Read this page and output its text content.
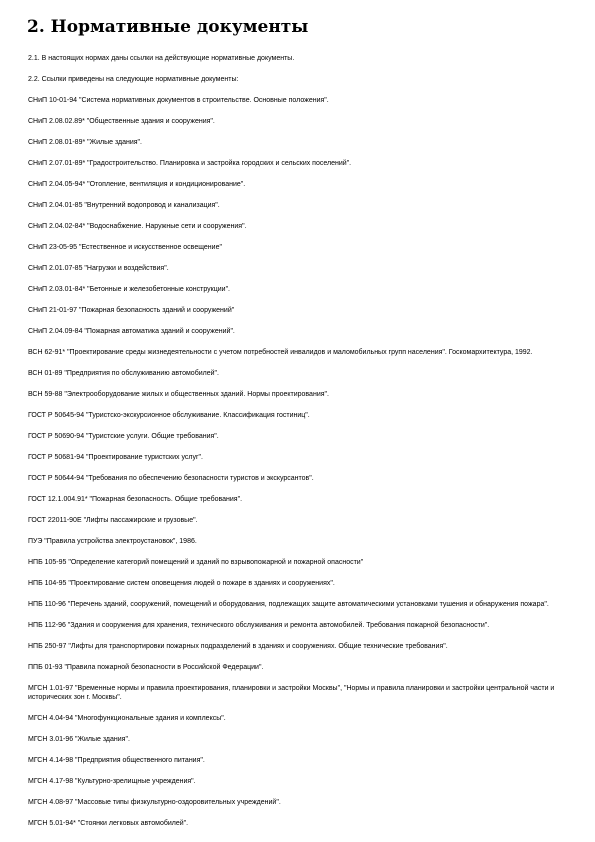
2. Нормативные документы

2.1. В настоящих нормах даны ссылки на действующие нормативные документы.

2.2. Ссылки приведены на следующие нормативные документы:

СНиП 10-01-94 "Система нормативных документов в строительстве. Основные положения".

СНиП 2.08.02.89* "Общественные здания и сооружения".

СНиП 2.08.01-89* "Жилые здания".

СНиП 2.07.01-89* "Градостроительство. Планировка и застройка городских и сельских поселений".

СНиП 2.04.05-94* "Отопление, вентиляция и кондиционирование".

СНиП 2.04.01-85 "Внутренний водопровод и канализация".

СНиП 2.04.02-84* "Водоснабжение. Наружные сети и сооружения".

СНиП 23-05-95 "Естественное и искусственное освещение"

СНиП 2.01.07-85 "Нагрузки и воздействия".

СНиП 2.03.01-84* "Бетонные и железобетонные конструкции".

СНиП 21-01-97 "Пожарная безопасность зданий и сооружений"

СНиП 2.04.09-84 "Пожарная автоматика зданий и сооружений".

ВСН 62-91* "Проектирование среды жизнедеятельности с учетом потребностей инвалидов и маломобильных групп населения". Госкомархитектура, 1992.

ВСН 01-89 "Предприятия по обслуживанию автомобилей".

ВСН 59-88 "Электрооборудование жилых и общественных зданий. Нормы проектирования".

ГОСТ Р 50645-94 "Туристско-экскурсионное обслуживание. Классификация гостиниц".

ГОСТ Р 50690-94 "Туристские услуги. Общие требования".

ГОСТ Р 50681-94 "Проектирование туристских услуг".

ГОСТ Р 50644-94 "Требования по обеспечению безопасности туристов и экскурсантов".

ГОСТ 12.1.004.91* "Пожарная безопасность. Общие требования".

ГОСТ 22011-90Е "Лифты пассажирские и грузовые".

ПУЭ "Правила устройства электроустановок", 1986.

НПБ 105-95 "Определение категорий помещений и зданий по взрывопожарной и пожарной опасности"

НПБ 104-95 "Проектирование систем оповещения людей о пожаре в зданиях и сооружениях".

НПБ 110-96 "Перечень зданий, сооружений, помещений и оборудования, подлежащих защите автоматическими установками тушения и обнаружения пожара".

НПБ 112-96 "Здания и сооружения для хранения, технического обслуживания и ремонта автомобилей. Требования пожарной безопасности".

НПБ 250-97 "Лифты для транспортировки пожарных подразделений в зданиях и сооружениях. Общие технические требования".

ППБ 01-93 "Правила пожарной безопасности в Российской Федерации".

МГСН 1.01-97 "Временные нормы и правила проектирования, планировки и застройки Москвы", "Нормы и правила планировки и застройки центральной части и исторических зон г. Москвы".

МГСН 4.04-94 "Многофункциональные здания и комплексы".

МГСН 3.01-96 "Жилые здания".

МГСН 4.14-98 "Предприятия общественного питания".

МГСН 4.17-98 "Культурно-зрелищные учреждения".

МГСН 4.08-97 "Массовые типы физкультурно-оздоровительных учреждений".

МГСН 5.01-94* "Стоянки легковых автомобилей".
